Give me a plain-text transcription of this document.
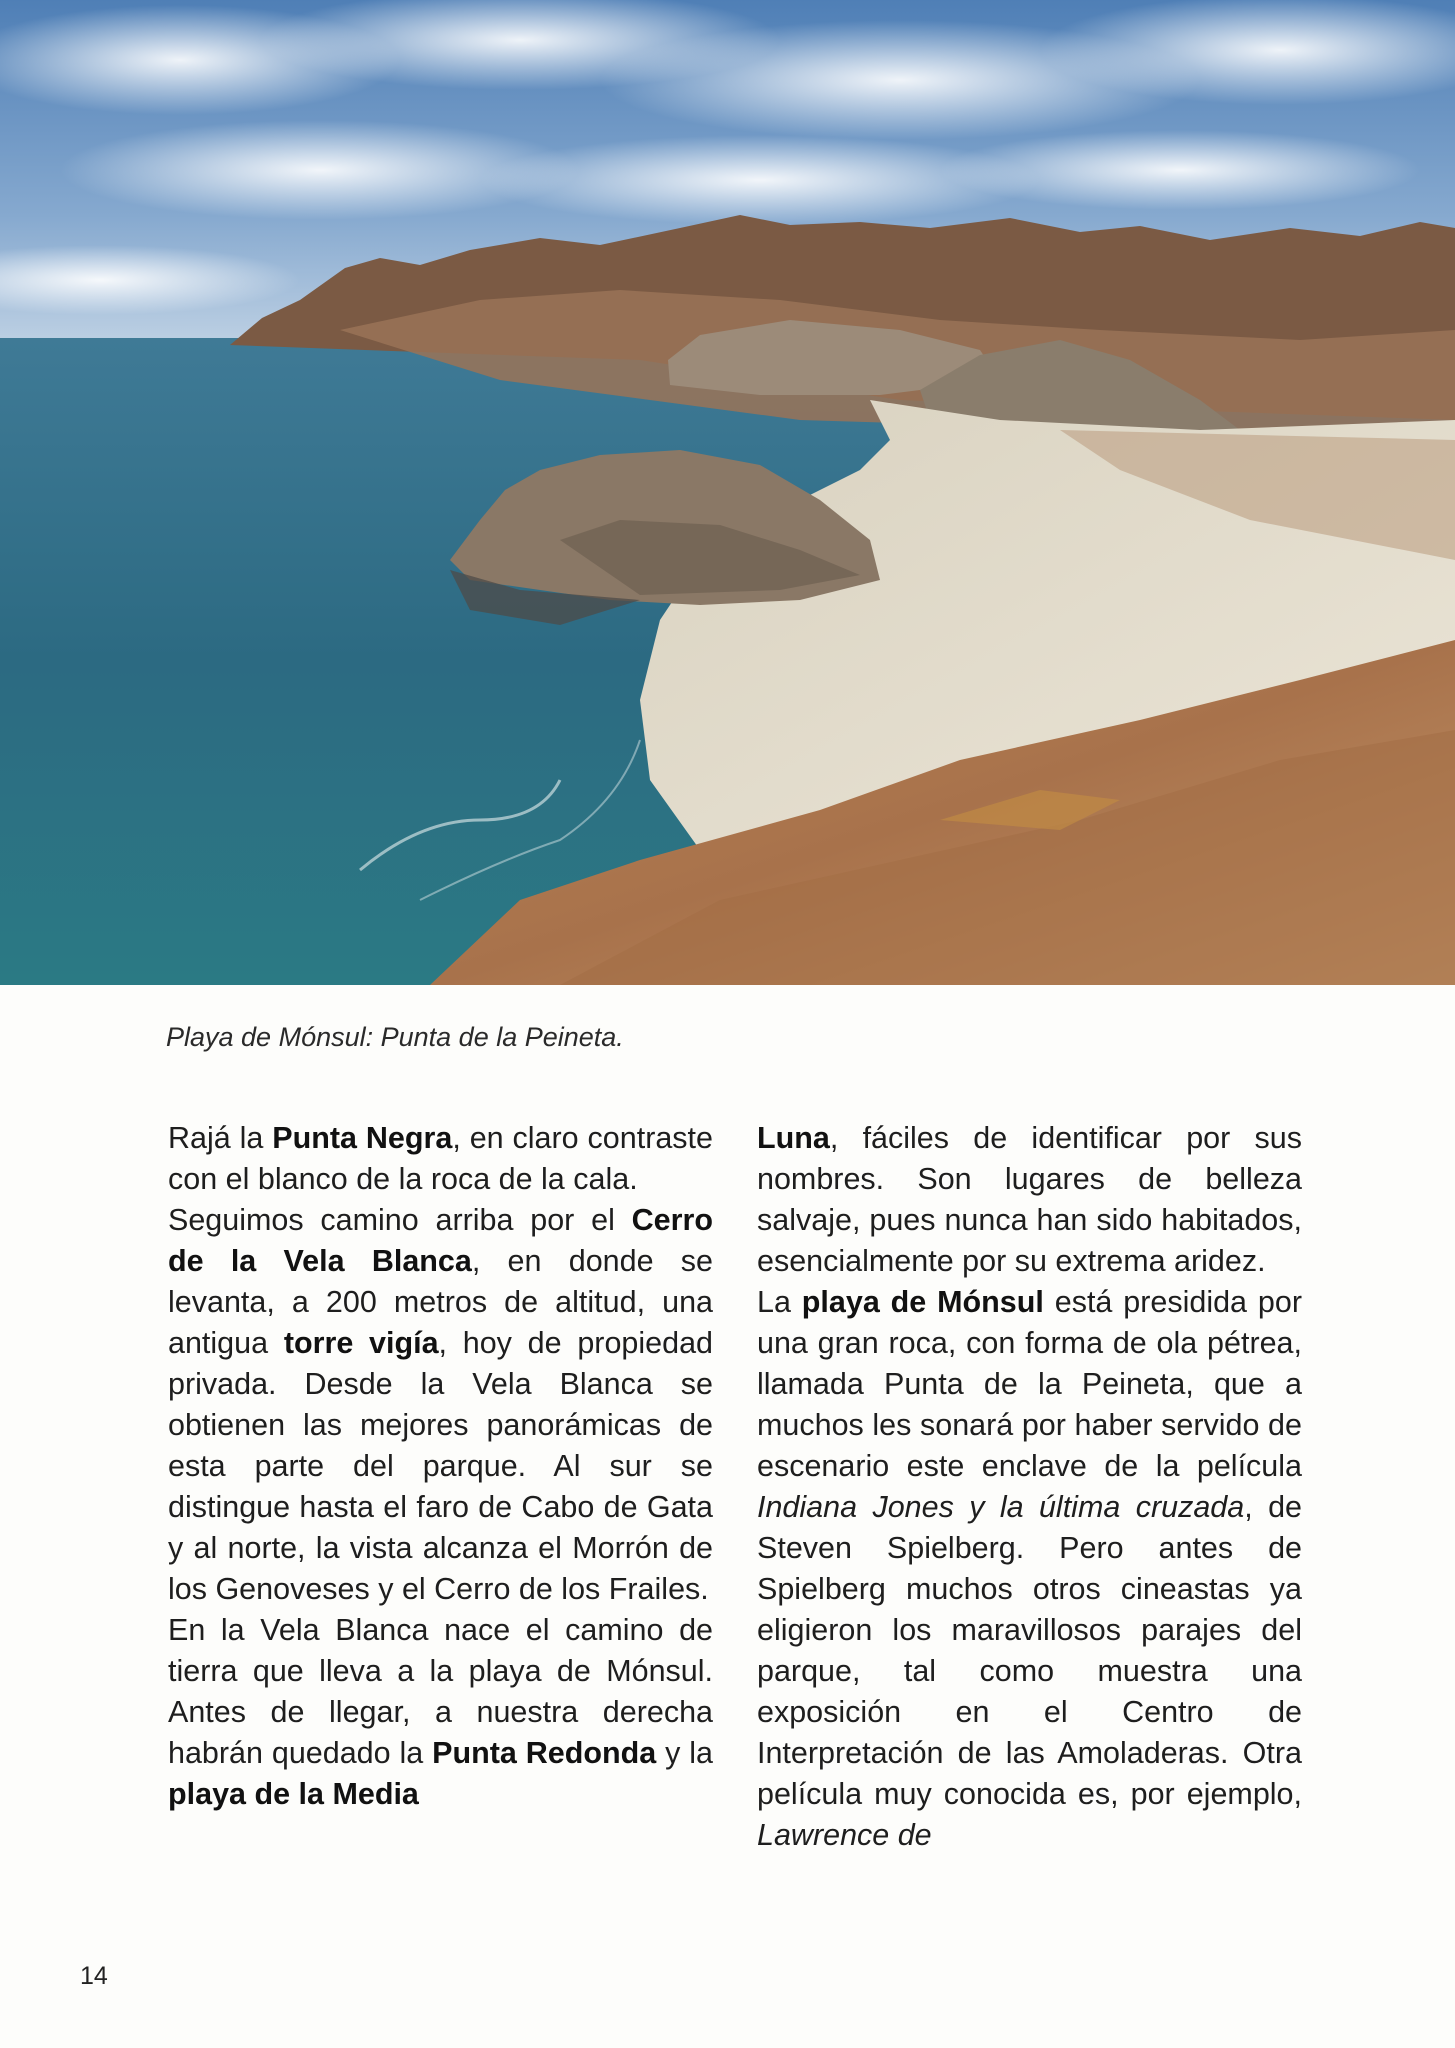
Playa de Mónsul: Punta de la Peineta.

Rajá la Punta Negra, en claro contraste con el blanco de la roca de la cala.

Seguimos camino arriba por el Cerro de la Vela Blanca, en donde se levanta, a 200 metros de altitud, una antigua torre vigía, hoy de propiedad privada. Desde la Vela Blanca se obtienen las mejores panorámicas de esta parte del parque. Al sur se distingue hasta el faro de Cabo de Gata y al norte, la vista alcanza el Morrón de los Genoveses y el Cerro de los Frailes.

En la Vela Blanca nace el camino de tierra que lleva a la playa de Mónsul. Antes de llegar, a nuestra derecha habrán quedado la Punta Redonda y la playa de la Media

Luna, fáciles de identificar por sus nombres. Son lugares de belleza salvaje, pues nunca han sido habitados, esencialmente por su extrema aridez.

La playa de Mónsul está presidida por una gran roca, con forma de ola pétrea, llamada Punta de la Peineta, que a muchos les sonará por haber servido de escenario este enclave de la película Indiana Jones y la última cruzada, de Steven Spielberg. Pero antes de Spielberg muchos otros cineastas ya eligieron los maravillosos parajes del parque, tal como muestra una exposición en el Centro de Interpretación de las Amoladeras. Otra película muy conocida es, por ejemplo, Lawrence de

14
